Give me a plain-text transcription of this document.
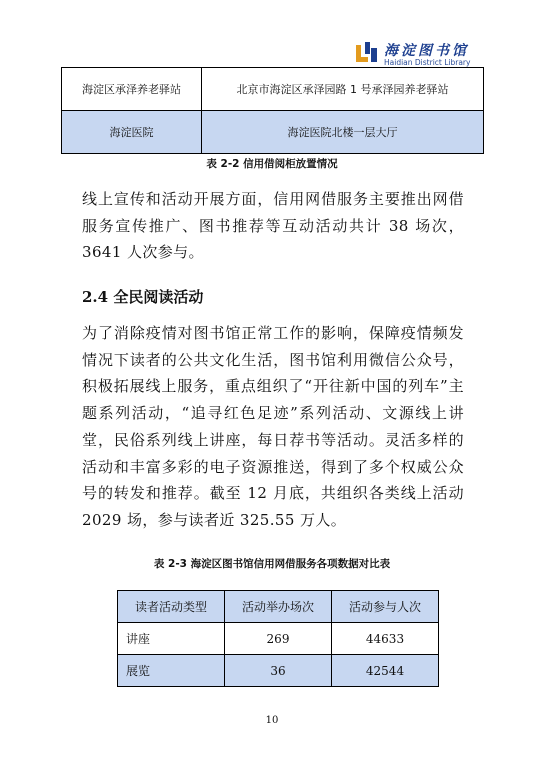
海淀图书馆
Haidian District Library
海淀区承泽养老驿站	北京市海淀区承泽园路 1 号承泽园养老驿站
海淀医院	海淀医院北楼一层大厅
表 2-2 信用借阅柜放置情况
线上宣传和活动开展方面，信用网借服务主要推出网借服务宣传推广、图书推荐等互动活动共计 38 场次，3641 人次参与。
2.4 全民阅读活动
为了消除疫情对图书馆正常工作的影响，保障疫情频发情况下读者的公共文化生活，图书馆利用微信公众号，积极拓展线上服务，重点组织了“开往新中国的列车”主题系列活动，“追寻红色足迹”系列活动、文源线上讲堂，民俗系列线上讲座，每日荐书等活动。灵活多样的活动和丰富多彩的电子资源推送，得到了多个权威公众号的转发和推荐。截至 12 月底，共组织各类线上活动 2029 场，参与读者近 325.55 万人。
表 2-3 海淀区图书馆信用网借服务各项数据对比表
读者活动类型	活动举办场次	活动参与人次
讲座	269	44633
展览	36	42544
10
